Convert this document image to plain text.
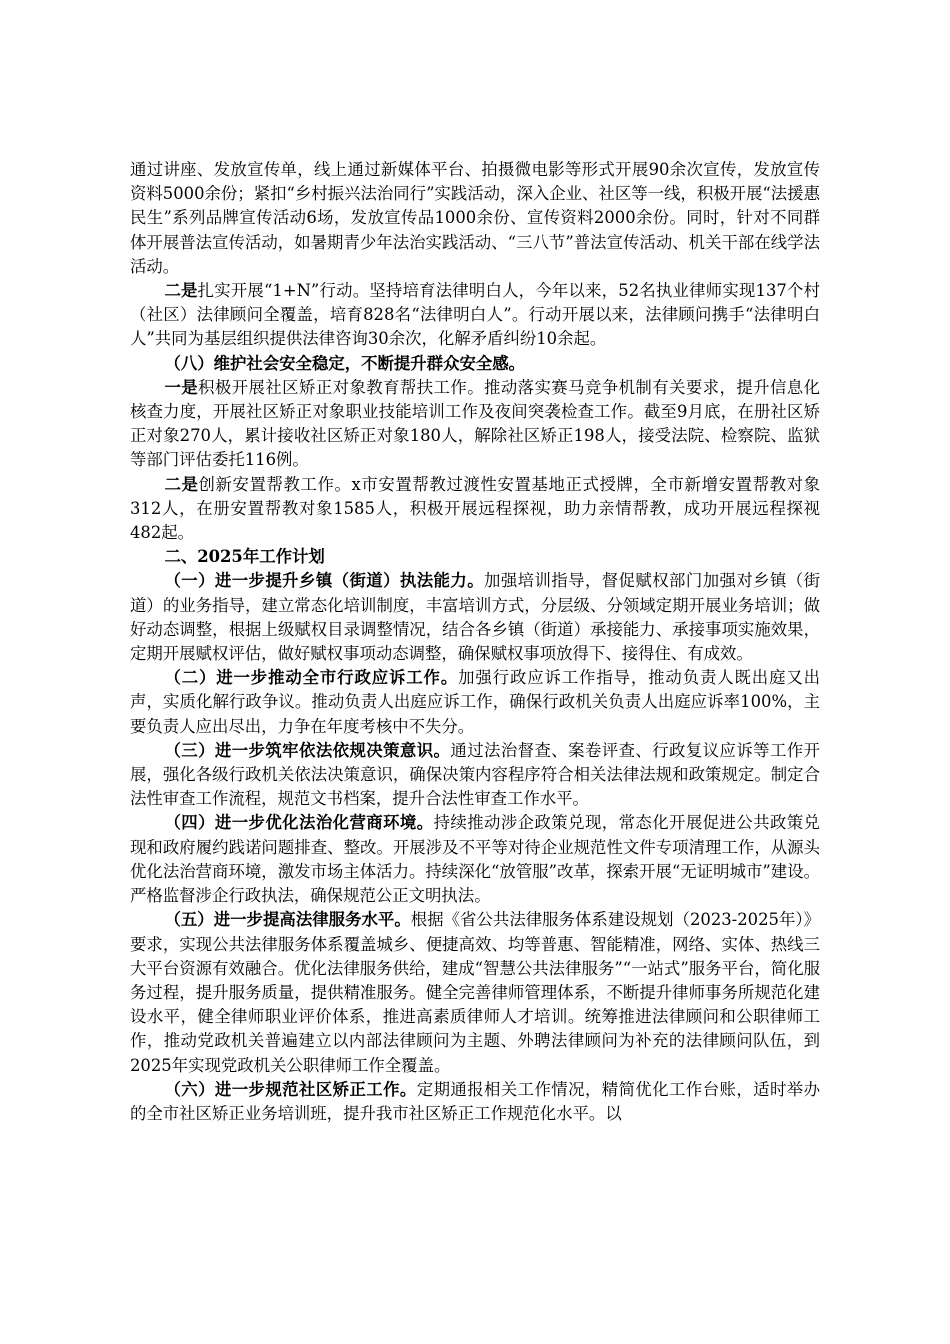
通过讲座、发放宣传单，线上通过新媒体平台、拍摄微电影等形式开展90余次宣传，发放宣传资料5000余份；紧扣“乡村振兴法治同行”实践活动，深入企业、社区等一线，积极开展“法援惠民生”系列品牌宣传活动6场，发放宣传品1000余份、宣传资料2000余份。同时，针对不同群体开展普法宣传活动，如暑期青少年法治实践活动、“三八节”普法宣传活动、机关干部在线学法活动。

二是扎实开展“1+N”行动。坚持培育法律明白人，今年以来，52名执业律师实现137个村（社区）法律顾问全覆盖，培育828名“法律明白人”。行动开展以来，法律顾问携手“法律明白人”共同为基层组织提供法律咨询30余次，化解矛盾纠纷10余起。

（八）维护社会安全稳定，不断提升群众安全感。

一是积极开展社区矫正对象教育帮扶工作。推动落实赛马竞争机制有关要求，提升信息化核查力度，开展社区矫正对象职业技能培训工作及夜间突袭检查工作。截至9月底，在册社区矫正对象270人，累计接收社区矫正对象180人，解除社区矫正198人，接受法院、检察院、监狱等部门评估委托116例。

二是创新安置帮教工作。x市安置帮教过渡性安置基地正式授牌，全市新增安置帮教对象312人，在册安置帮教对象1585人，积极开展远程探视，助力亲情帮教，成功开展远程探视482起。

二、2025年工作计划

（一）进一步提升乡镇（街道）执法能力。加强培训指导，督促赋权部门加强对乡镇（街道）的业务指导，建立常态化培训制度，丰富培训方式，分层级、分领域定期开展业务培训；做好动态调整，根据上级赋权目录调整情况，结合各乡镇（街道）承接能力、承接事项实施效果，定期开展赋权评估，做好赋权事项动态调整，确保赋权事项放得下、接得住、有成效。

（二）进一步推动全市行政应诉工作。加强行政应诉工作指导，推动负责人既出庭又出声，实质化解行政争议。推动负责人出庭应诉工作，确保行政机关负责人出庭应诉率100%，主要负责人应出尽出，力争在年度考核中不失分。

（三）进一步筑牢依法依规决策意识。通过法治督查、案卷评查、行政复议应诉等工作开展，强化各级行政机关依法决策意识，确保决策内容程序符合相关法律法规和政策规定。制定合法性审查工作流程，规范文书档案，提升合法性审查工作水平。

（四）进一步优化法治化营商环境。持续推动涉企政策兑现，常态化开展促进公共政策兑现和政府履约践诺问题排查、整改。开展涉及不平等对待企业规范性文件专项清理工作，从源头优化法治营商环境，激发市场主体活力。持续深化“放管服”改革，探索开展“无证明城市”建设。严格监督涉企行政执法，确保规范公正文明执法。

（五）进一步提高法律服务水平。根据《省公共法律服务体系建设规划（2023-2025年）》要求，实现公共法律服务体系覆盖城乡、便捷高效、均等普惠、智能精准，网络、实体、热线三大平台资源有效融合。优化法律服务供给，建成“智慧公共法律服务”“一站式”服务平台，简化服务过程，提升服务质量，提供精准服务。健全完善律师管理体系，不断提升律师事务所规范化建设水平，健全律师职业评价体系，推进高素质律师人才培训。统筹推进法律顾问和公职律师工作，推动党政机关普遍建立以内部法律顾问为主题、外聘法律顾问为补充的法律顾问队伍，到2025年实现党政机关公职律师工作全覆盖。

（六）进一步规范社区矫正工作。定期通报相关工作情况，精简优化工作台账，适时举办的全市社区矫正业务培训班，提升我市社区矫正工作规范化水平。以
